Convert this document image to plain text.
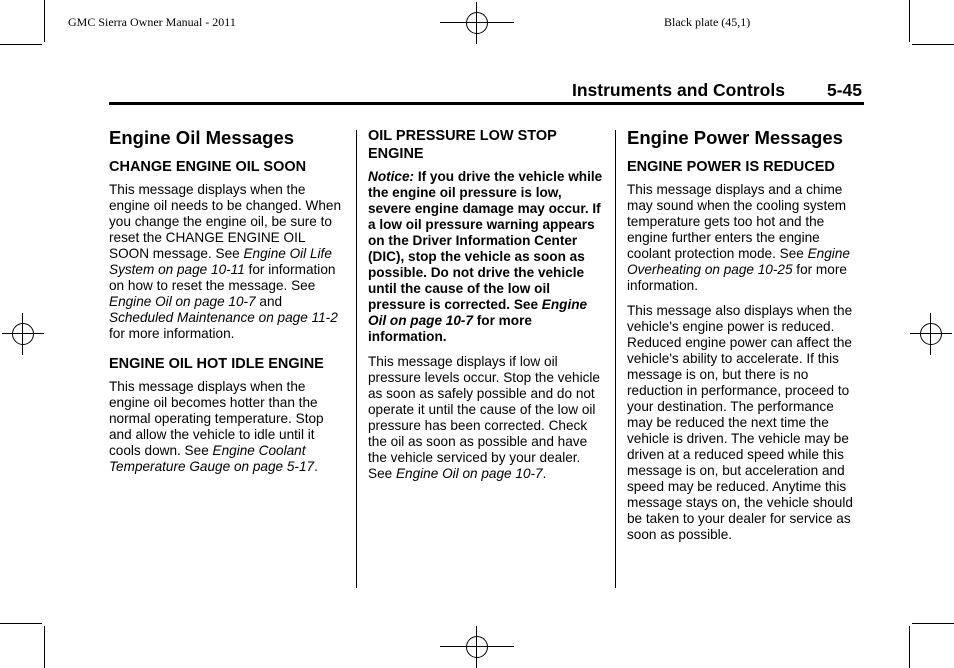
GMC Sierra Owner Manual - 2011	Black plate (45,1)
Instruments and Controls 5-45
Engine Oil Messages
CHANGE ENGINE OIL SOON
This message displays when the engine oil needs to be changed. When you change the engine oil, be sure to reset the CHANGE ENGINE OIL SOON message. See Engine Oil Life System on page 10-11 for information on how to reset the message. See Engine Oil on page 10-7 and Scheduled Maintenance on page 11-2 for more information.
ENGINE OIL HOT IDLE ENGINE
This message displays when the engine oil becomes hotter than the normal operating temperature. Stop and allow the vehicle to idle until it cools down. See Engine Coolant Temperature Gauge on page 5-17.
OIL PRESSURE LOW STOP ENGINE
Notice: If you drive the vehicle while the engine oil pressure is low, severe engine damage may occur. If a low oil pressure warning appears on the Driver Information Center (DIC), stop the vehicle as soon as possible. Do not drive the vehicle until the cause of the low oil pressure is corrected. See Engine Oil on page 10-7 for more information.
This message displays if low oil pressure levels occur. Stop the vehicle as soon as safely possible and do not operate it until the cause of the low oil pressure has been corrected. Check the oil as soon as possible and have the vehicle serviced by your dealer. See Engine Oil on page 10-7.
Engine Power Messages
ENGINE POWER IS REDUCED
This message displays and a chime may sound when the cooling system temperature gets too hot and the engine further enters the engine coolant protection mode. See Engine Overheating on page 10-25 for more information.
This message also displays when the vehicle's engine power is reduced. Reduced engine power can affect the vehicle's ability to accelerate. If this message is on, but there is no reduction in performance, proceed to your destination. The performance may be reduced the next time the vehicle is driven. The vehicle may be driven at a reduced speed while this message is on, but acceleration and speed may be reduced. Anytime this message stays on, the vehicle should be taken to your dealer for service as soon as possible.
